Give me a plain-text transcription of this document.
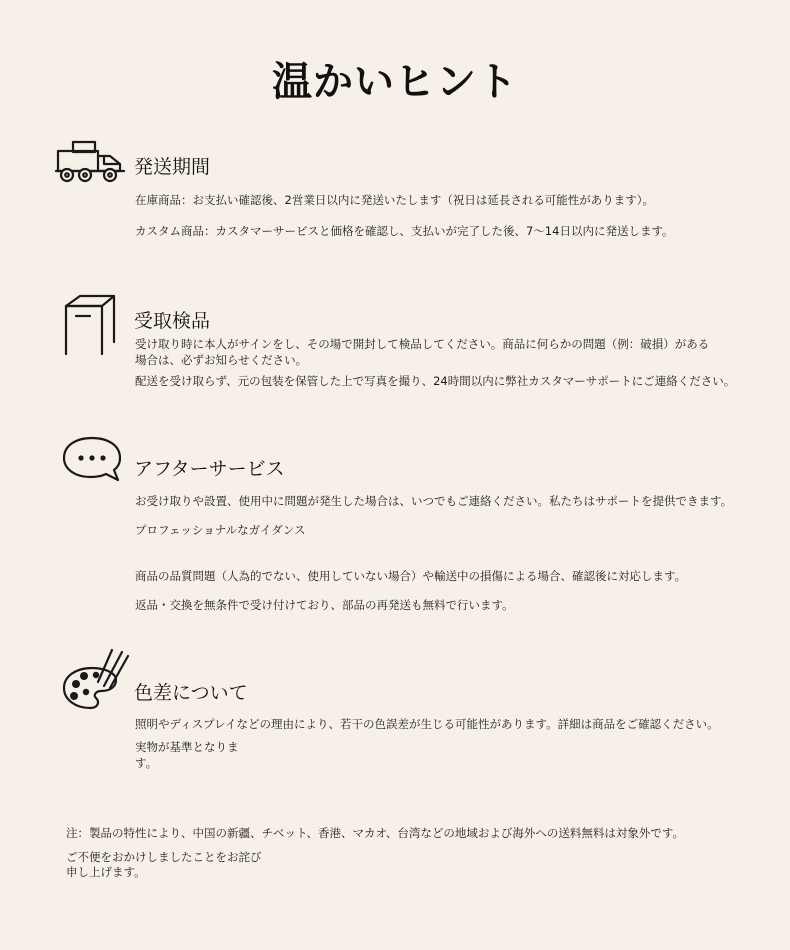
温かいヒント
発送期間
在庫商品：お支払い確認後、2営業日以内に発送いたします（祝日は延長される可能性があります）。
カスタム商品：カスタマーサービスと価格を確認し、支払いが完了した後、7〜14日以内に発送します。
受取検品
受け取り時に本人がサインをし、その場で開封して検品してください。商品に何らかの問題（例：破損）がある
場合は、必ずお知らせください。
配送を受け取らず、元の包装を保管した上で写真を撮り、24時間以内に弊社カスタマーサポートにご連絡ください。
アフターサービス
お受け取りや設置、使用中に問題が発生した場合は、いつでもご連絡ください。私たちはサポートを提供できます。
プロフェッショナルなガイダンス
商品の品質問題（人為的でない、使用していない場合）や輸送中の損傷による場合、確認後に対応します。
返品・交換を無条件で受け付けており、部品の再発送も無料で行います。
色差について
照明やディスプレイなどの理由により、若干の色誤差が生じる可能性があります。詳細は商品をご確認ください。
実物が基準となりま
す。
注：製品の特性により、中国の新疆、チベット、香港、マカオ、台湾などの地域および海外への送料無料は対象外です。
ご不便をおかけしましたことをお詫び
申し上げます。
